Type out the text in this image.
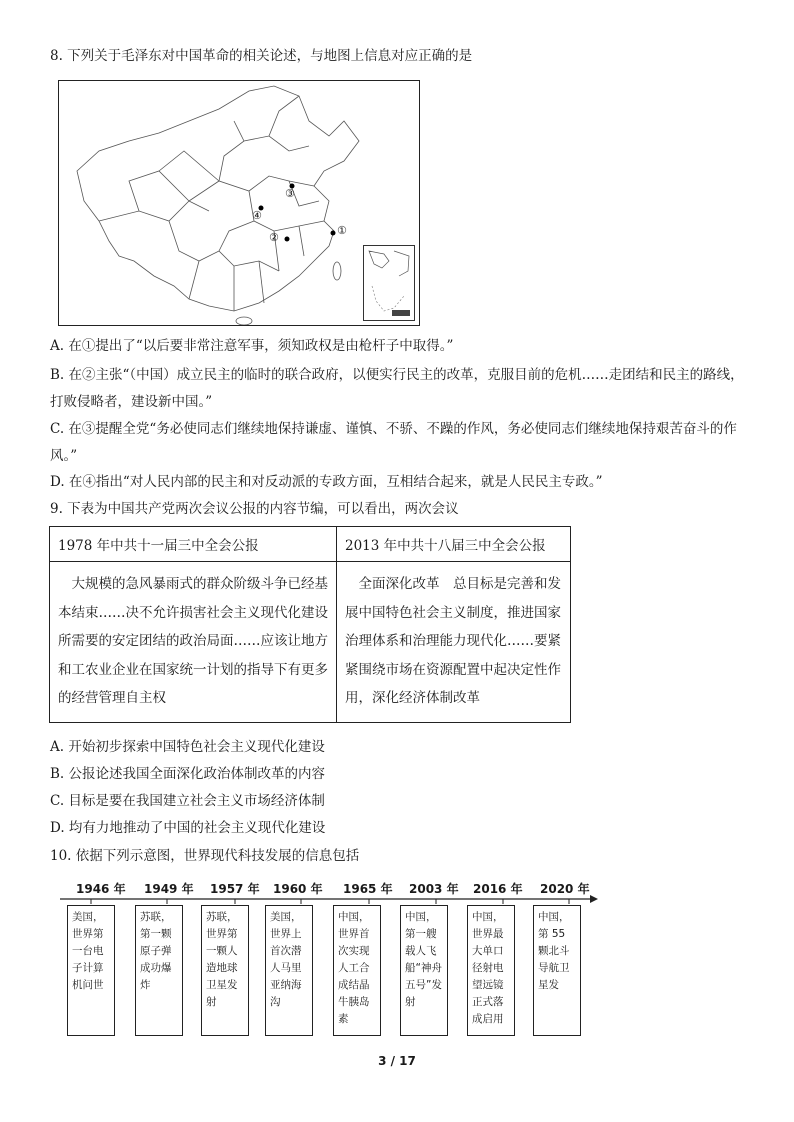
8. 下列关于毛泽东对中国革命的相关论述，与地图上信息对应正确的是
①
②
③
④
A. 在①提出了“以后要非常注意军事，须知政权是由枪杆子中取得。”
B. 在②主张“（中国）成立民主的临时的联合政府，以便实行民主的改革，克服目前的危机……走团结和民主的路线，打败侵略者，建设新中国。”
C. 在③提醒全党“务必使同志们继续地保持谦虚、谨慎、不骄、不躁的作风，务必使同志们继续地保持艰苦奋斗的作风。”
D. 在④指出“对人民内部的民主和对反动派的专政方面，互相结合起来，就是人民民主专政。”
9. 下表为中国共产党两次会议公报的内容节编，可以看出，两次会议
1978 年中共十一届三中全会公报	2013 年中共十八届三中全会公报
大规模的急风暴雨式的群众阶级斗争已经基本结束……决不允许损害社会主义现代化建设所需要的安定团结的政治局面……应该让地方和工农业企业在国家统一计划的指导下有更多的经营管理自主权	全面深化改革　总目标是完善和发展中国特色社会主义制度，推进国家治理体系和治理能力现代化……要紧紧围绕市场在资源配置中起决定性作用，深化经济体制改革
A. 开始初步探索中国特色社会主义现代化建设
B. 公报论述我国全面深化政治体制改革的内容
C. 目标是要在我国建立社会主义市场经济体制
D. 均有力地推动了中国的社会主义现代化建设
10. 依据下列示意图，世界现代科技发展的信息包括
1946 年 1949 年 1957 年 1960 年 1965 年 2003 年 2016 年 2020 年
美国，世界第一台电子计算机问世
苏联，第一颗原子弹成功爆炸
苏联，世界第一颗人造地球卫星发射
美国，世界上首次潜人马里亚纳海沟
中国，世界首次实现人工合成结晶牛胰岛素
中国，第一艘载人飞船“神舟五号”发射
中国，世界最大单口径射电望远镜正式落成启用
中国，第 55 颗北斗导航卫星发
3 / 17
